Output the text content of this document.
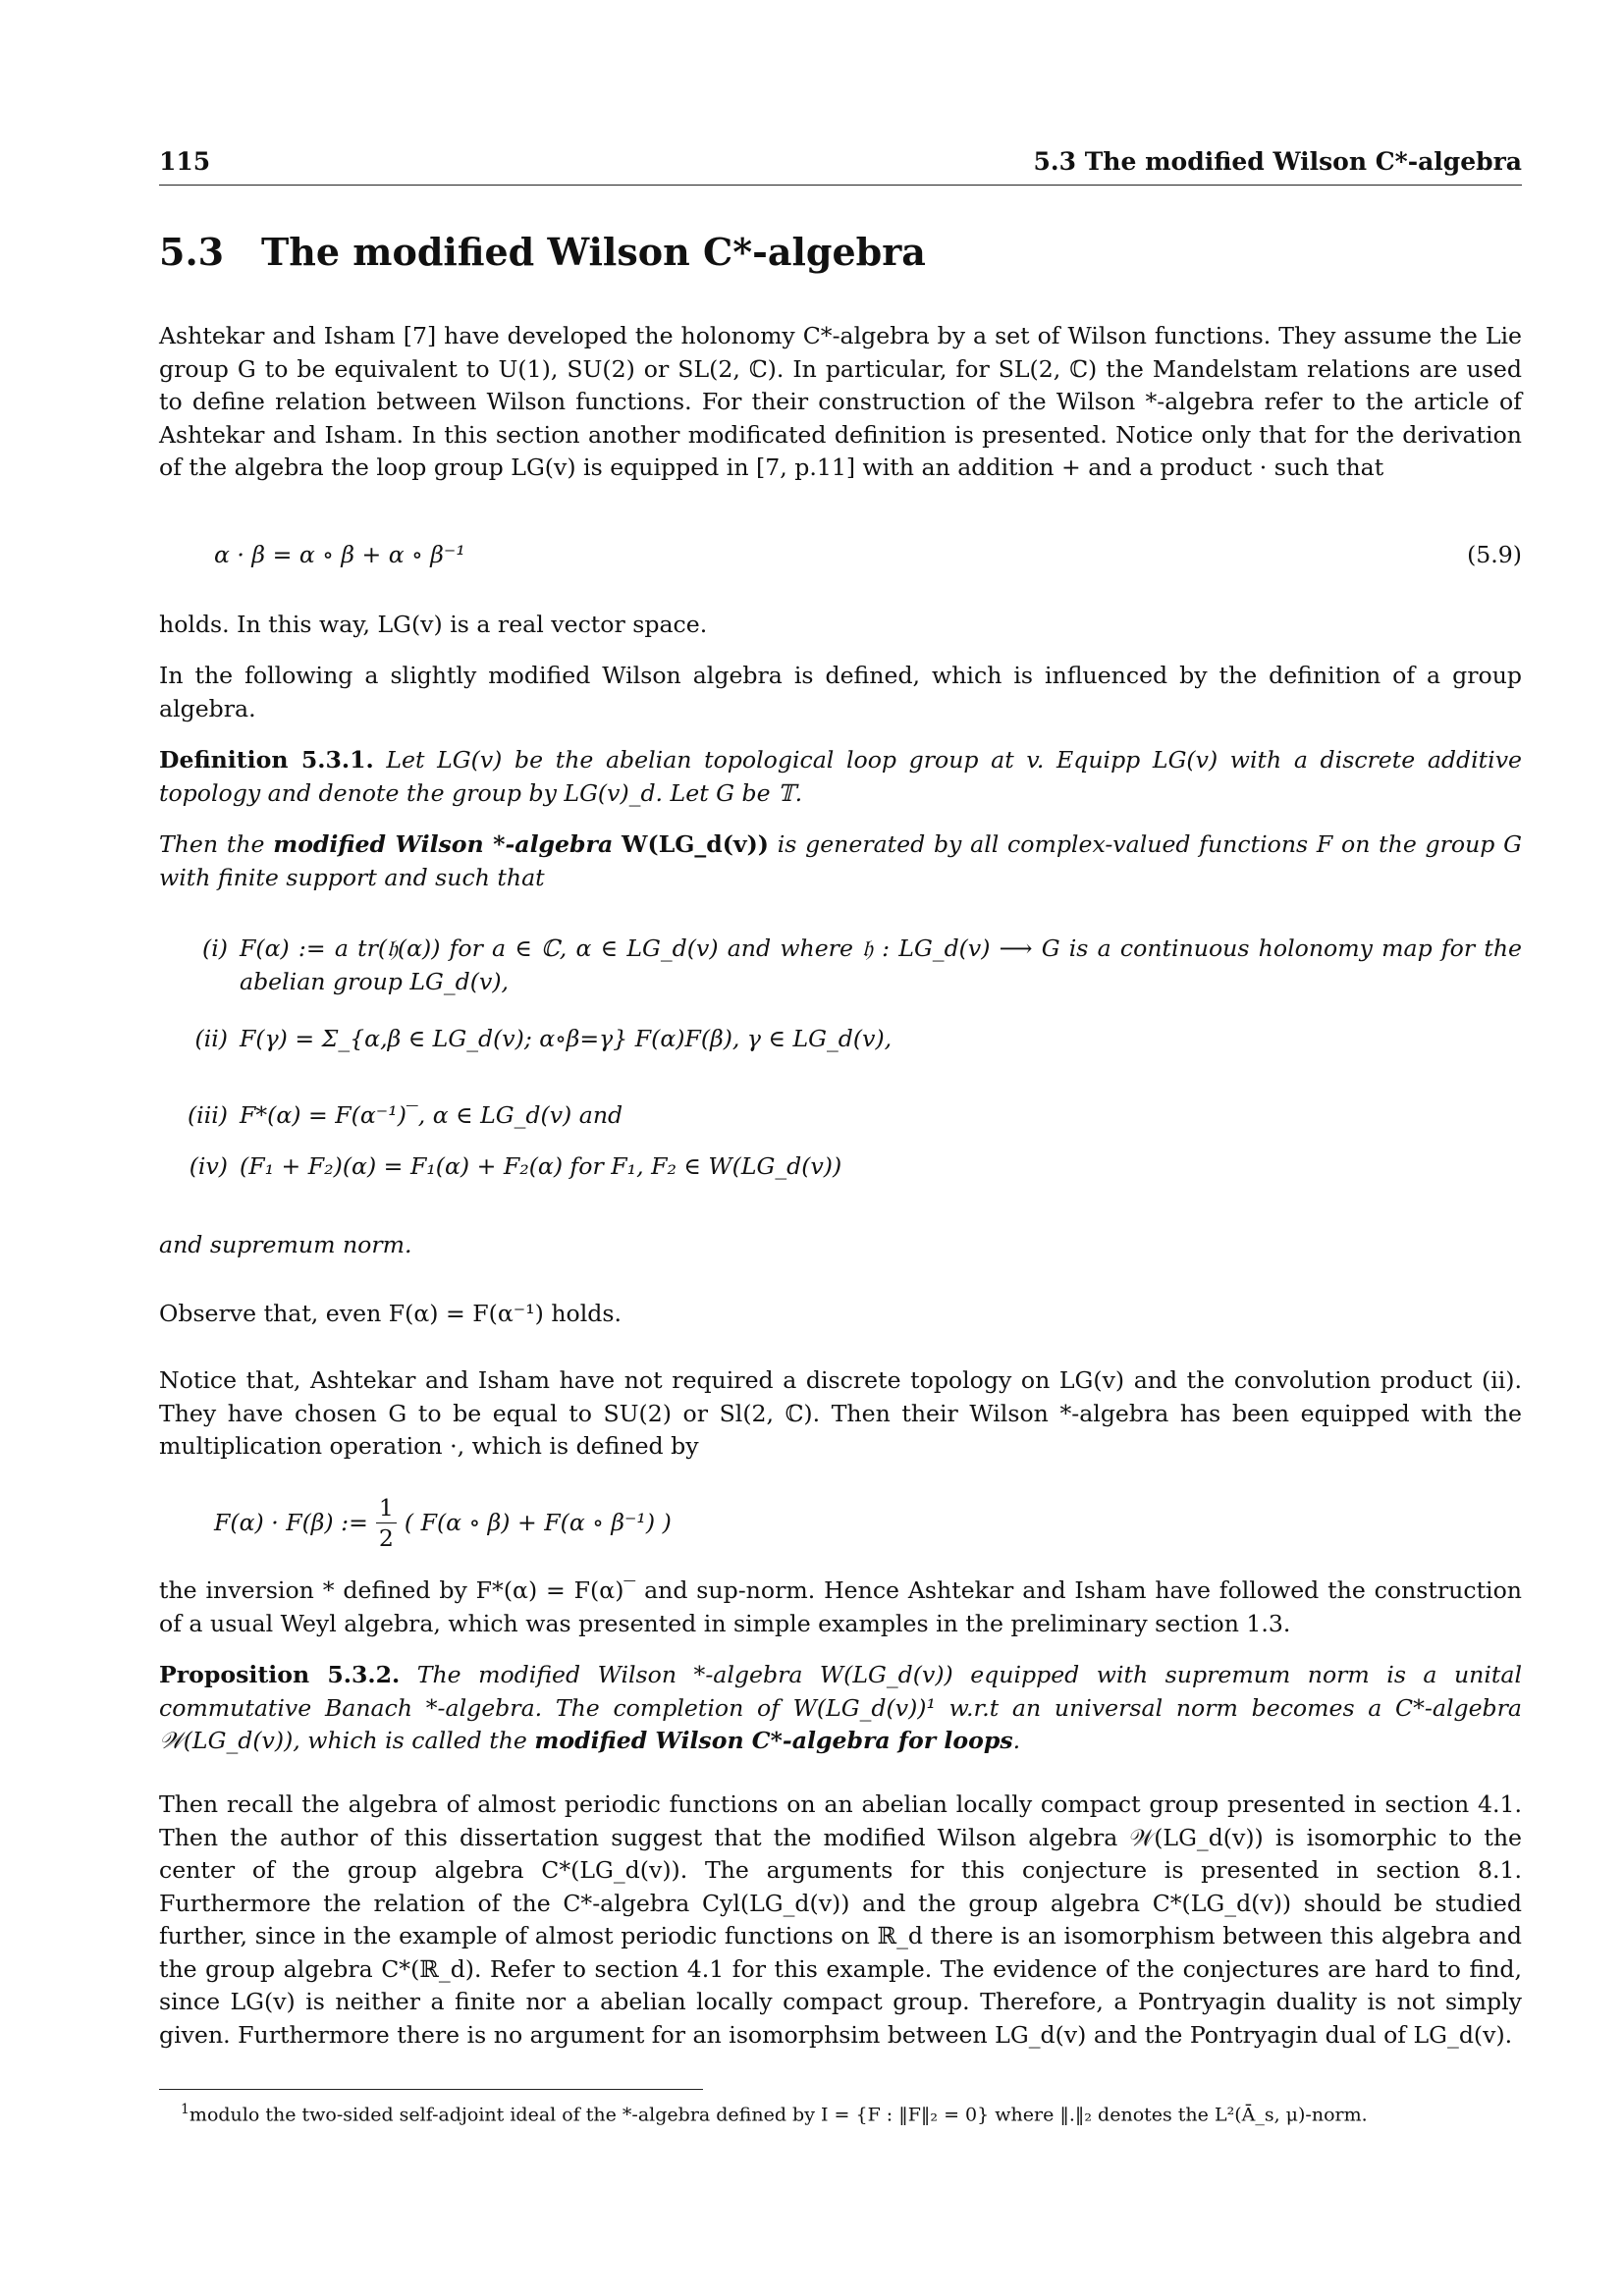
115	5.3 The modified Wilson C*-algebra
5.3 The modified Wilson C*-algebra

Ashtekar and Isham [7] have developed the holonomy C*-algebra by a set of Wilson functions. They assume the Lie group G to be equivalent to U(1), SU(2) or SL(2, ℂ). In particular, for SL(2, ℂ) the Mandelstam relations are used to define relation between Wilson functions. For their construction of the Wilson *-algebra refer to the article of Ashtekar and Isham. In this section another modificated definition is presented. Notice only that for the derivation of the algebra the loop group LG(v) is equipped in [7, p.11] with an addition + and a product · such that

α · β = α ∘ β + α ∘ β⁻¹	(5.9)

holds. In this way, LG(v) is a real vector space.

In the following a slightly modified Wilson algebra is defined, which is influenced by the definition of a group algebra.

Definition 5.3.1. Let LG(v) be the abelian topological loop group at v. Equipp LG(v) with a discrete additive topology and denote the group by LG(v)_d. Let G be 𝕋.

Then the modified Wilson *-algebra W(LG_d(v)) is generated by all complex-valued functions F on the group G with finite support and such that

(i) F(α) := a tr(𝔥(α)) for a ∈ ℂ, α ∈ LG_d(v) and where 𝔥 : LG_d(v) ⟶ G is a continuous holonomy map for the abelian group LG_d(v),
(ii) F(γ) = Σ_{α,β ∈ LG_d(v); α∘β=γ} F(α)F(β), γ ∈ LG_d(v),
(iii) F*(α) = F(α⁻¹)‾, α ∈ LG_d(v) and
(iv) (F₁ + F₂)(α) = F₁(α) + F₂(α) for F₁, F₂ ∈ W(LG_d(v))

and supremum norm.

Observe that, even F(α) = F(α⁻¹) holds.

Notice that, Ashtekar and Isham have not required a discrete topology on LG(v) and the convolution product (ii). They have chosen G to be equal to SU(2) or Sl(2, ℂ). Then their Wilson *-algebra has been equipped with the multiplication operation ·, which is defined by

F(α) · F(β) := $\frac{1}{2}$ ( F(α ∘ β) + F(α ∘ β⁻¹) )

the inversion * defined by F*(α) = F(α)‾ and sup-norm. Hence Ashtekar and Isham have followed the construction of a usual Weyl algebra, which was presented in simple examples in the preliminary section 1.3.

Proposition 5.3.2. The modified Wilson *-algebra W(LG_d(v)) equipped with supremum norm is a unital commutative Banach *-algebra. The completion of W(LG_d(v))¹ w.r.t an universal norm becomes a C*-algebra 𝒲(LG_d(v)), which is called the modified Wilson C*-algebra for loops.

Then recall the algebra of almost periodic functions on an abelian locally compact group presented in section 4.1. Then the author of this dissertation suggest that the modified Wilson algebra 𝒲(LG_d(v)) is isomorphic to the center of the group algebra C*(LG_d(v)). The arguments for this conjecture is presented in section 8.1. Furthermore the relation of the C*-algebra Cyl(LG_d(v)) and the group algebra C*(LG_d(v)) should be studied further, since in the example of almost periodic functions on ℝ_d there is an isomorphism between this algebra and the group algebra C*(ℝ_d). Refer to section 4.1 for this example. The evidence of the conjectures are hard to find, since LG(v) is neither a finite nor a abelian locally compact group. Therefore, a Pontryagin duality is not simply given. Furthermore there is no argument for an isomorphsim between LG_d(v) and the Pontryagin dual of LG_d(v).

$^1$modulo the two-sided self-adjoint ideal of the *-algebra defined by I = {F : ‖F‖₂ = 0} where ‖.‖₂ denotes the L²(Ā_s, μ)-norm.
